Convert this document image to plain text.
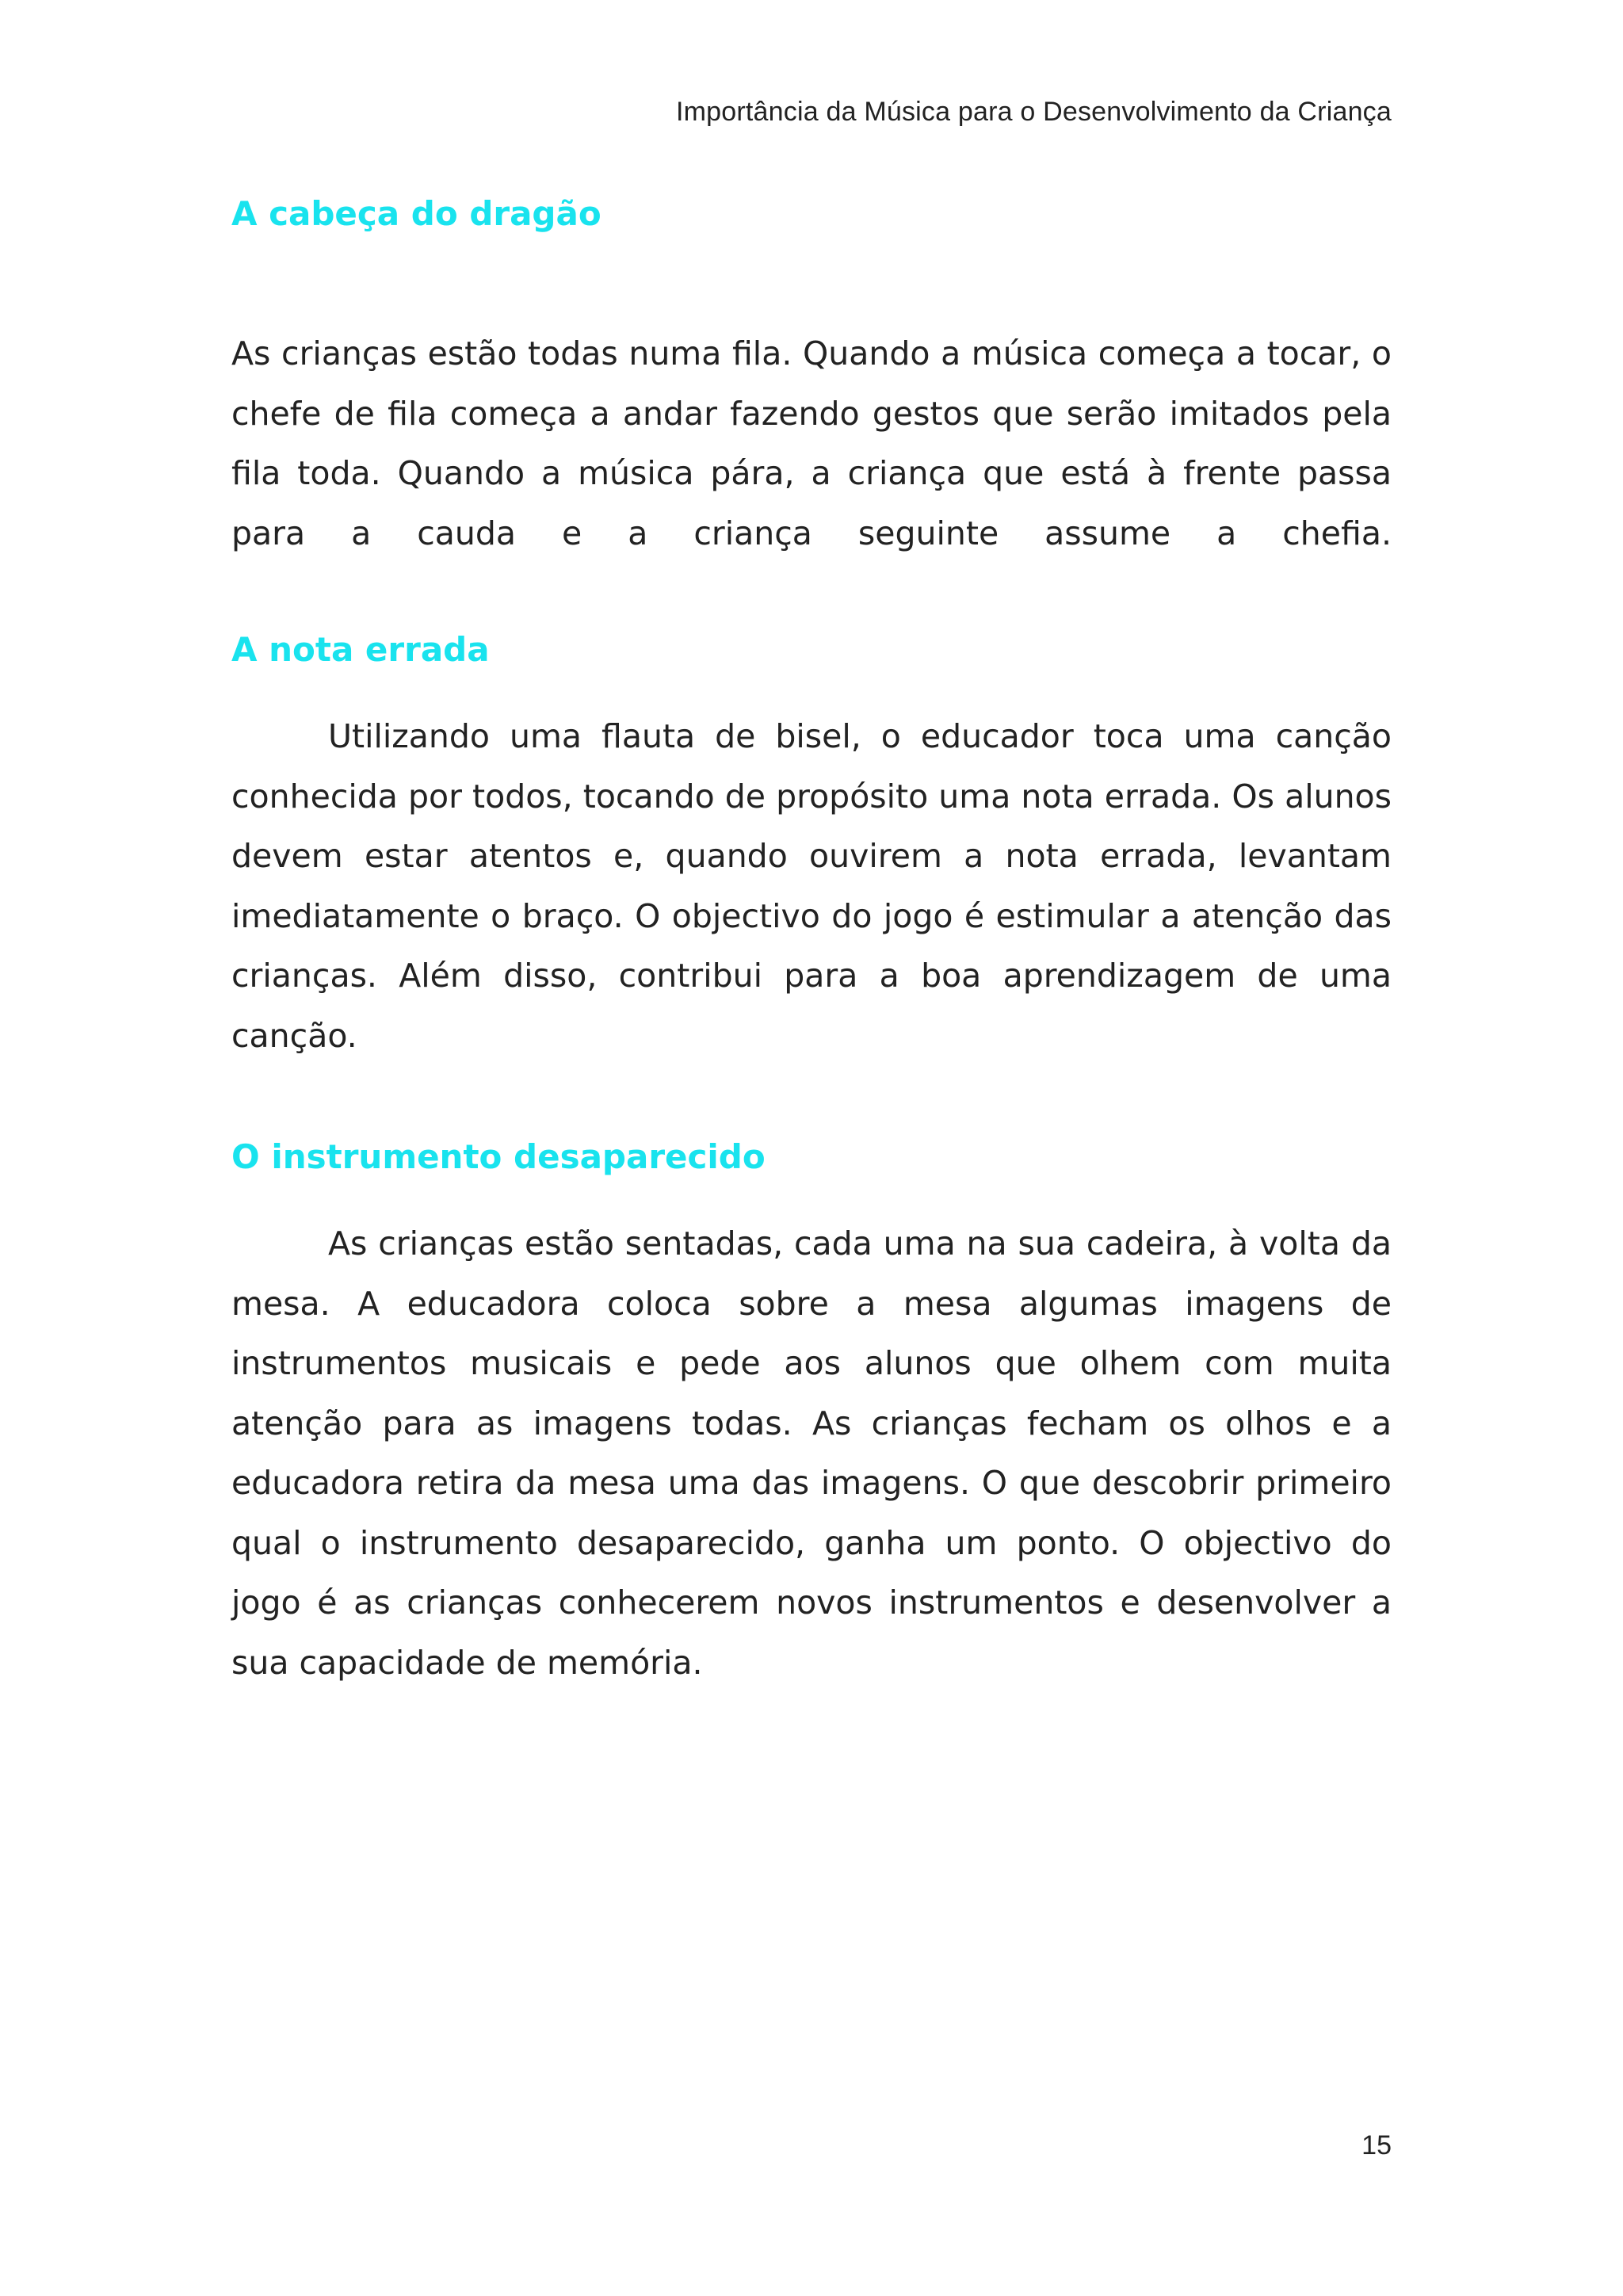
Importância da Música para o Desenvolvimento da Criança
A cabeça do dragão

As crianças estão todas numa fila. Quando a música começa a tocar, o chefe de fila começa a andar fazendo gestos que serão imitados pela fila toda. Quando a música pára, a criança que está à frente passa para a cauda e a criança seguinte assume a chefia.

A nota errada

Utilizando uma flauta de bisel, o educador toca uma canção conhecida por todos, tocando de propósito uma nota errada. Os alunos devem estar atentos e, quando ouvirem a nota errada, levantam imediatamente o braço. O objectivo do jogo é estimular a atenção das crianças. Além disso, contribui para a boa aprendizagem de uma canção.

O instrumento desaparecido

As crianças estão sentadas, cada uma na sua cadeira, à volta da mesa. A educadora coloca sobre a mesa algumas imagens de instrumentos musicais e pede aos alunos que olhem com muita atenção para as imagens todas. As crianças fecham os olhos e a educadora retira da mesa uma das imagens. O que descobrir primeiro qual o instrumento desaparecido, ganha um ponto. O objectivo do jogo é as crianças conhecerem novos instrumentos e desenvolver a sua capacidade de memória.

15
